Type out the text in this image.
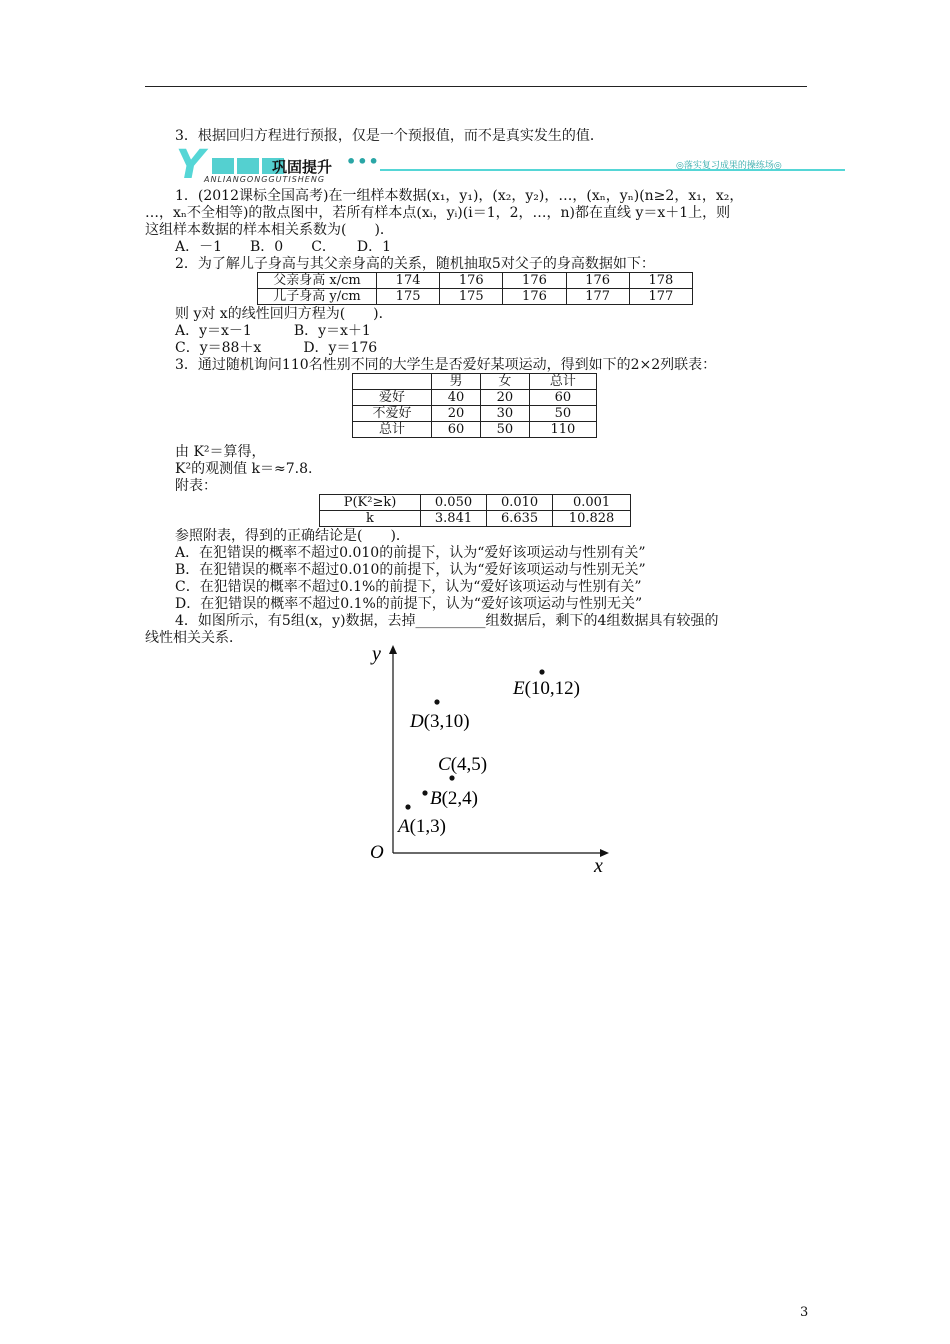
3．根据回归方程进行预报，仅是一个预报值，而不是真实发生的值．
Y	巩固提升 •••
ANLIANGONGGUTISHENG
◎落实复习成果的操练场◎
1．(2012课标全国高考)在一组样本数据(x₁，y₁)，(x₂，y₂)，…，(xₙ，yₙ)(n≥2，x₁，x₂，
…，xₙ不全相等)的散点图中，若所有样本点(xᵢ，yᵢ)(i＝1，2，…，n)都在直线 y＝x＋1上，则
这组样本数据的样本相关系数为(　　)．
A．－1　　B．0　　C．　　D．1
2．为了解儿子身高与其父亲身高的关系，随机抽取5对父子的身高数据如下：
父亲身高 x/cm	174	176	176	176	178
儿子身高 y/cm	175	175	176	177	177
则 y对 x的线性回归方程为(　　)．
A．y＝x－1　　　B．y＝x＋1
C．y＝88＋x　　　D．y＝176
3．通过随机询问110名性别不同的大学生是否爱好某项运动，得到如下的2×2列联表：
	男	女	总计
爱好	40	20	60
不爱好	20	30	50
总计	60	50	110
由 K²＝算得，
K²的观测值 k＝≈7.8.
附表：
P(K²≥k)	0.050	0.010	0.001
k	3.841	6.635	10.828
参照附表，得到的正确结论是(　　)．
A．在犯错误的概率不超过0.010的前提下，认为“爱好该项运动与性别有关”
B．在犯错误的概率不超过0.010的前提下，认为“爱好该项运动与性别无关”
C．在犯错误的概率不超过0.1%的前提下，认为“爱好该项运动与性别有关”
D．在犯错误的概率不超过0.1%的前提下，认为“爱好该项运动与性别无关”
4．如图所示，有5组(x，y)数据，去掉__________组数据后，剩下的4组数据具有较强的
线性相关关系．
x
y
O
A(1,3)
B(2,4)
C(4,5)
D(3,10)
E(10,12)
3
